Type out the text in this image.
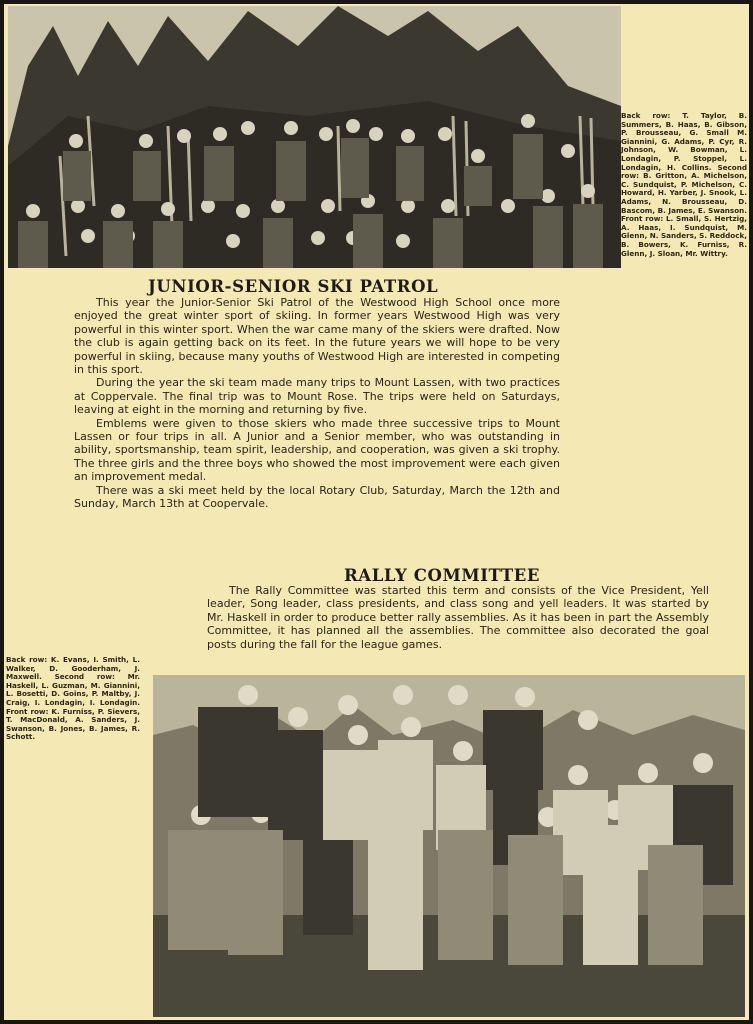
Back row: T. Taylor, B. Summers, B. Haas, B. Gibson, P. Brousseau, G. Small M. Giannini, G. Adams, P. Cyr, R. Johnson, W. Bowman, L. Londagin, P. Stoppel, L. Londagin, H. Collins. Second row: B. Gritton, A. Michelson, C. Sundquist, P. Michelson, C. Howard, H. Yarber, J. Snook, L. Adams, N. Brousseau, D. Bascom, B. James, E. Swanson. Front row: L. Small, S. Hertzig, A. Haas, I. Sundquist, M. Glenn, N. Sanders, S. Reddock, B. Bowers, K. Furniss, R. Glenn, J. Sloan, Mr. Wittry.
JUNIOR-SENIOR SKI PATROL

This year the Junior-Senior Ski Patrol of the Westwood High School once more enjoyed the great winter sport of skiing. In former years Westwood High was very powerful in this winter sport. When the war came many of the skiers were drafted. Now the club is again getting back on its feet. In the future years we will hope to be very powerful in skiing, because many youths of Westwood High are interested in competing in this sport.

During the year the ski team made many trips to Mount Lassen, with two practices at Coppervale. The final trip was to Mount Rose. The trips were held on Saturdays, leaving at eight in the morning and returning by five.

Emblems were given to those skiers who made three successive trips to Mount Lassen or four trips in all. A Junior and a Senior member, who was outstanding in ability, sportsmanship, team spirit, leadership, and cooperation, was given a ski trophy. The three girls and the three boys who showed the most improvement were each given an improvement medal.

There was a ski meet held by the local Rotary Club, Saturday, March the 12th and Sunday, March 13th at Coopervale.

RALLY COMMITTEE

The Rally Committee was started this term and consists of the Vice President, Yell leader, Song leader, class presidents, and class song and yell leaders. It was started by Mr. Haskell in order to produce better rally assemblies. As it has been in part the Assembly Committee, it has planned all the assemblies. The committee also decorated the goal posts during the fall for the league games.

Back row: K. Evans, I. Smith, L. Walker, D. Gooderham, J. Maxwell. Second row: Mr. Haskell, L. Guzman, M. Giannini, L. Bosetti, D. Goins, P. Maltby, J. Craig, I. Londagin, I. Londagin. Front row: K. Furniss, P. Sievers, T. MacDonald, A. Sanders, J. Swanson, B. Jones, B. James, R. Schott.
